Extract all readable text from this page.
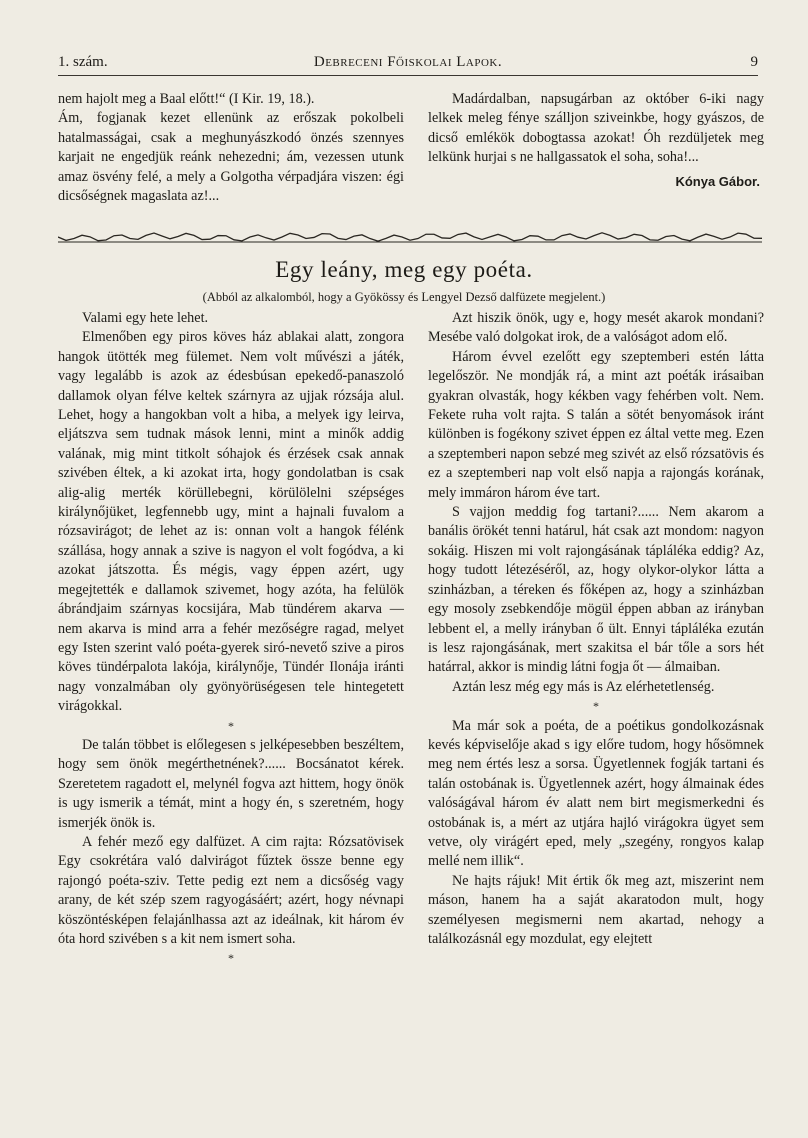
1. szám.	Debreceni Főiskolai Lapok.	9

nem hajolt meg a Baal előtt!“ (I Kir. 19, 18.).

Ám, fogjanak kezet ellenünk az erőszak pokolbeli hatalmasságai, csak a meghunyászkodó önzés szennyes karjait ne engedjük reánk nehezedni; ám, vezessen utunk amaz ösvény felé, a mely a Golgotha vérpadjára viszen: égi dicsőségnek magaslata az!...

Madárdalban, napsugárban az október 6-iki nagy lelkek meleg fénye szálljon sziveinkbe, hogy gyászos, de dicső emlékök dobogtassa azokat! Óh rezdüljetek meg lelkünk hurjai s ne hallgassatok el soha, soha!...

Kónya Gábor.
Egy leány, meg egy poéta.
(Abból az alkalomból, hogy a Gyökössy és Lengyel Dezső dalfüzete megjelent.)

Valami egy hete lehet.

Elmenőben egy piros köves ház ablakai alatt, zongora hangok ütötték meg fülemet. Nem volt művészi a játék, vagy legalább is azok az édesbúsan epekedő-panaszoló dallamok olyan félve keltek szárnyra az ujjak rózsája alul. Lehet, hogy a hangokban volt a hiba, a melyek igy leirva, eljátszva sem tudnak mások lenni, mint a minők addig valának, mig mint titkolt sóhajok és érzések csak annak szivében éltek, a ki azokat irta, hogy gondolatban is csak alig-alig merték körüllebegni, körülölelni szépséges királynőjüket, legfennebb ugy, mint a hajnali fuvalom a rózsavirágot; de lehet az is: onnan volt a hangok félénk szállása, hogy annak a szive is nagyon el volt fogódva, a ki azokat játszotta. És mégis, vagy éppen azért, ugy megejtették e dallamok szivemet, hogy azóta, ha felülök ábrándjaim szárnyas kocsijára, Mab tündérem akarva — nem akarva is mind arra a fehér mezőségre ragad, melyet egy Isten szerint való poéta-gyerek siró-nevető szive a piros köves tündérpalota lakója, királynője, Tündér Ilonája iránti nagy vonzalmában oly gyönyörüségesen tele hintegetett virágokkal.

*

De talán többet is előlegesen s jelképesebben beszéltem, hogy sem önök megérthetnének?...... Bocsánatot kérek. Szeretetem ragadott el, melynél fogva azt hittem, hogy önök is ugy ismerik a témát, mint a hogy én, s szeretném, hogy ismerjék önök is.

A fehér mező egy dalfüzet. A cim rajta: Rózsatövisek Egy csokrétára való dalvirágot fűztek össze benne egy rajongó poéta-sziv. Tette pedig ezt nem a dicsőség vagy arany, de két szép szem ragyogásáért; azért, hogy névnapi köszöntésképen felajánlhassa azt az ideálnak, kit három év óta hord szivében s a kit nem ismert soha.

*

Azt hiszik önök, ugy e, hogy mesét akarok mondani? Mesébe való dolgokat irok, de a valóságot adom elő.

Három évvel ezelőtt egy szeptemberi estén látta legelőször. Ne mondják rá, a mint azt poéták irásaiban gyakran olvasták, hogy kékben vagy fehérben volt. Nem. Fekete ruha volt rajta. S talán a sötét benyomások iránt különben is fogékony szivet éppen ez által vette meg. Ezen a szeptemberi napon sebzé meg szivét az első rózsatövis és ez a szeptemberi nap volt első napja a rajongás korának, mely immáron három éve tart.

S vajjon meddig fog tartani?...... Nem akarom a banális örökét tenni határul, hát csak azt mondom: nagyon sokáig. Hiszen mi volt rajongásának tápláléka eddig? Az, hogy tudott létezéséről, az, hogy olykor-olykor látta a szinházban, a téreken és főképen az, hogy a szinházban egy mosoly zsebkendője mögül éppen abban az irányban lebbent el, a melly irányban ő ült. Ennyi tápláléka ezután is lesz rajongásának, mert szakitsa el bár tőle a sors hét határral, akkor is mindig látni fogja őt — álmaiban.

Aztán lesz még egy más is Az elérhetetlenség.

*

Ma már sok a poéta, de a poétikus gondolkozásnak kevés képviselője akad s igy előre tudom, hogy hősömnek meg nem értés lesz a sorsa. Ügyetlennek fogják tartani és talán ostobának is. Ügyetlennek azért, hogy álmainak édes valóságával három év alatt nem birt megismerkedni és ostobának is, a mért az utjára hajló virágokra ügyet sem vetve, oly virágért eped, mely „szegény, rongyos kalap mellé nem illik“.

Ne hajts rájuk! Mit értik ők meg azt, miszerint nem máson, hanem ha a saját akaratodon mult, hogy személyesen megismerni nem akartad, nehogy a találkozásnál egy mozdulat, egy elejtett
